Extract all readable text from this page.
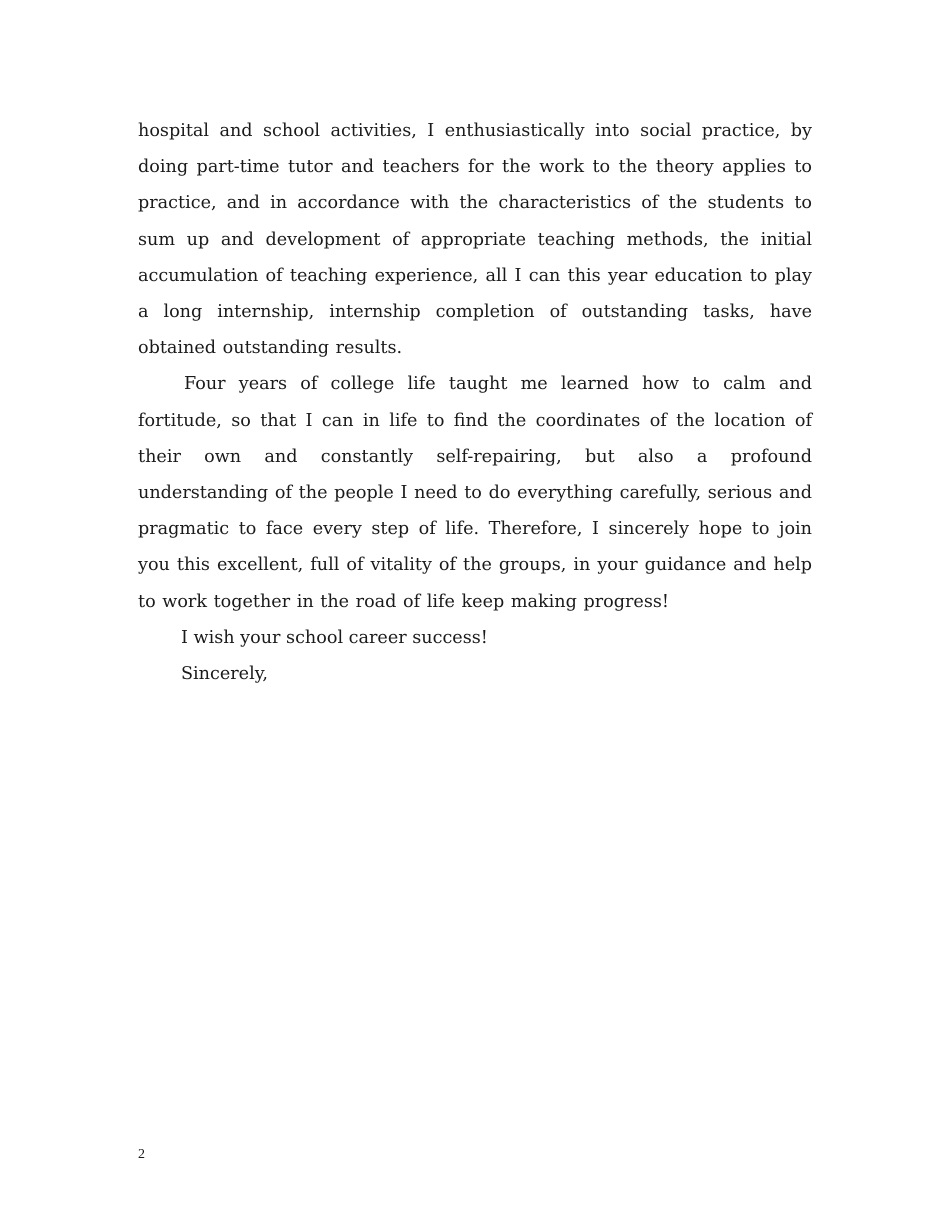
hospital and school activities, I enthusiastically into social practice, by doing part-time tutor and teachers for the work to the theory applies to practice, and in accordance with the characteristics of the students to sum up and development of appropriate teaching methods, the initial accumulation of teaching experience, all I can this year education to play a long internship, internship completion of outstanding tasks, have obtained outstanding results.

Four years of college life taught me learned how to calm and fortitude, so that I can in life to find the coordinates of the location of their own and constantly self-repairing, but also a profound understanding of the people I need to do everything carefully, serious and pragmatic to face every step of life. Therefore, I sincerely hope to join you this excellent, full of vitality of the groups, in your guidance and help to work together in the road of life keep making progress!

I wish your school career success!

Sincerely,

2
